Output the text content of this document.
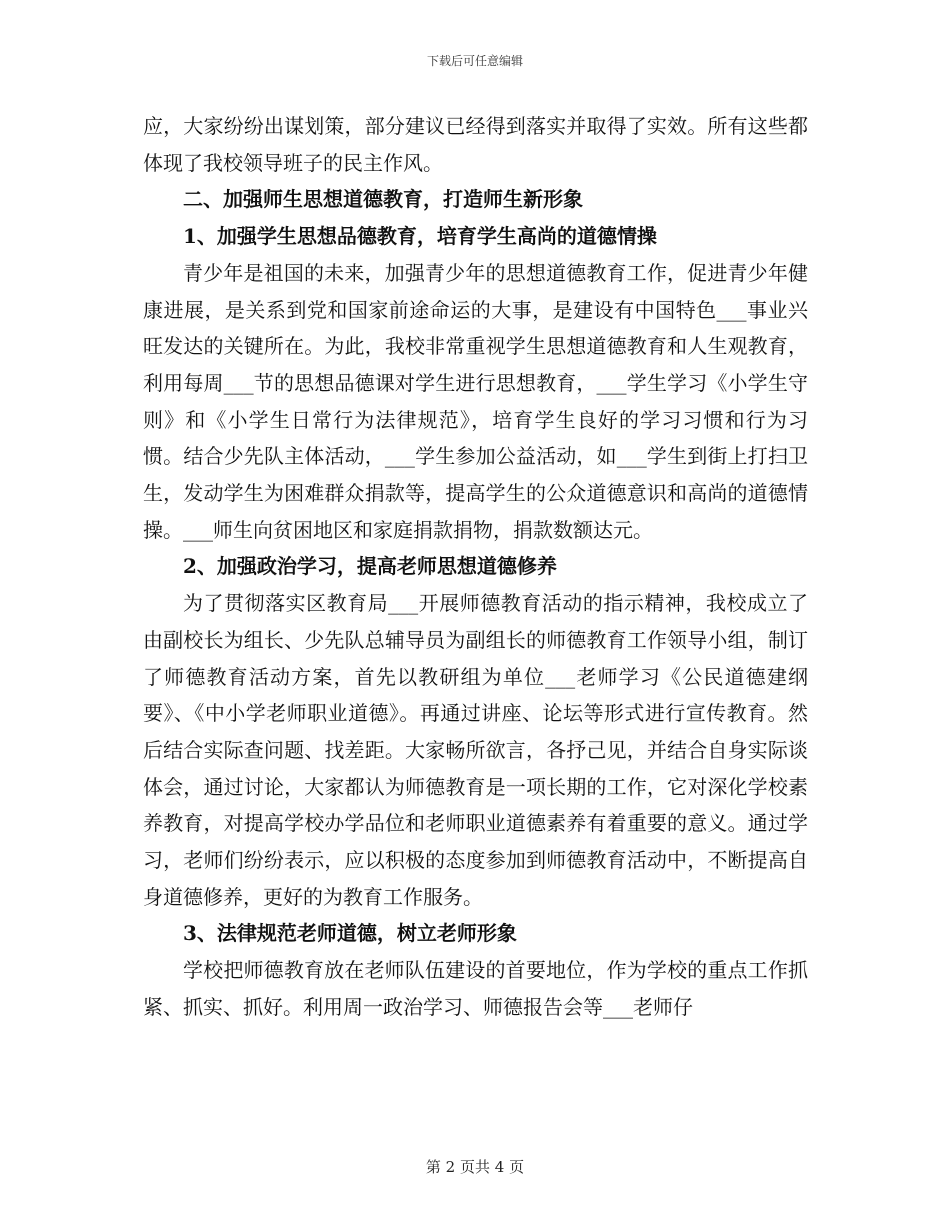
下载后可任意编辑

应，大家纷纷出谋划策，部分建议已经得到落实并取得了实效。所有这些都体现了我校领导班子的民主作风。

二、加强师生思想道德教育，打造师生新形象

1、加强学生思想品德教育，培育学生高尚的道德情操

青少年是祖国的未来，加强青少年的思想道德教育工作，促进青少年健康进展，是关系到党和国家前途命运的大事，是建设有中国特色___事业兴旺发达的关键所在。为此，我校非常重视学生思想道德教育和人生观教育，利用每周___节的思想品德课对学生进行思想教育，___学生学习《小学生守则》和《小学生日常行为法律规范》，培育学生良好的学习习惯和行为习惯。结合少先队主体活动，___学生参加公益活动，如___学生到街上打扫卫生，发动学生为困难群众捐款等，提高学生的公众道德意识和高尚的道德情操。___师生向贫困地区和家庭捐款捐物，捐款数额达元。

2、加强政治学习，提高老师思想道德修养

为了贯彻落实区教育局___开展师德教育活动的指示精神，我校成立了由副校长为组长、少先队总辅导员为副组长的师德教育工作领导小组，制订了师德教育活动方案，首先以教研组为单位___老师学习《公民道德建纲要》、《中小学老师职业道德》。再通过讲座、论坛等形式进行宣传教育。然后结合实际查问题、找差距。大家畅所欲言，各抒己见，并结合自身实际谈体会，通过讨论，大家都认为师德教育是一项长期的工作，它对深化学校素养教育，对提高学校办学品位和老师职业道德素养有着重要的意义。通过学习，老师们纷纷表示，应以积极的态度参加到师德教育活动中，不断提高自身道德修养，更好的为教育工作服务。

3、法律规范老师道德，树立老师形象

学校把师德教育放在老师队伍建设的首要地位，作为学校的重点工作抓紧、抓实、抓好。利用周一政治学习、师德报告会等___老师仔

第 2 页共 4 页
